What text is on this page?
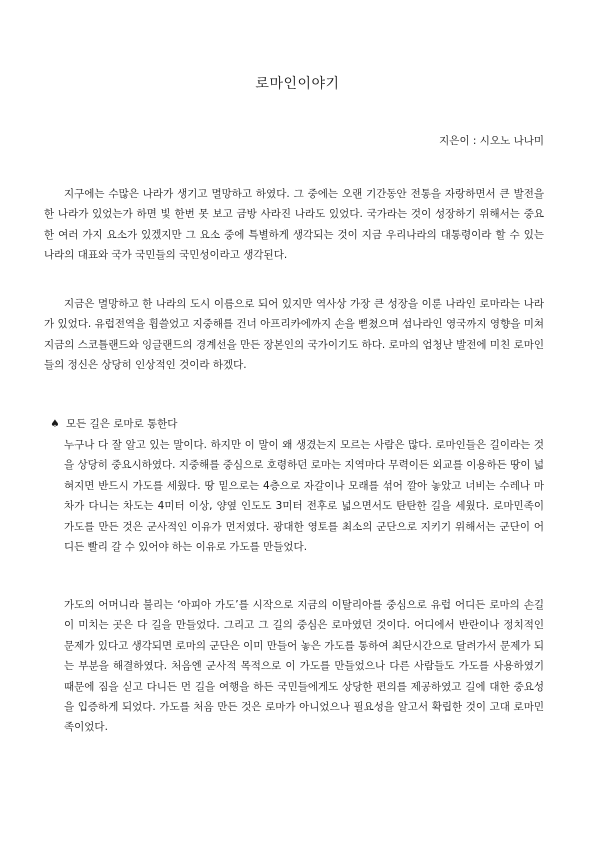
로마인이야기
지은이 : 시오노 나나미

지구에는 수많은 나라가 생기고 멸망하고 하였다. 그 중에는 오랜 기간동안 전통을 자랑하면서 큰 발전을 한 나라가 있었는가 하면 빛 한번 못 보고 금방 사라진 나라도 있었다. 국가라는 것이 성장하기 위해서는 중요한 여러 가지 요소가 있겠지만 그 요소 중에 특별하게 생각되는 것이 지금 우리나라의 대통령이라 할 수 있는 나라의 대표와 국가 국민들의 국민성이라고 생각된다.

지금은 멸망하고 한 나라의 도시 이름으로 되어 있지만 역사상 가장 큰 성장을 이룬 나라인 로마라는 나라가 있었다. 유럽전역을 휩쓸었고 지중해를 건너 아프리카에까지 손을 뻗쳤으며 섬나라인 영국까지 영향을 미쳐 지금의 스코틀랜드와 잉글랜드의 경계선을 만든 장본인의 국가이기도 하다. 로마의 엄청난 발전에 미친 로마인들의 정신은 상당히 인상적인 것이라 하겠다.

♠ 모든 길은 로마로 통한다

누구나 다 잘 알고 있는 말이다. 하지만 이 말이 왜 생겼는지 모르는 사람은 많다. 로마인들은 길이라는 것을 상당히 중요시하였다. 지중해를 중심으로 호령하던 로마는 지역마다 무력이든 외교를 이용하든 땅이 넓혀지면 반드시 가도를 세웠다. 땅 밑으로는 4층으로 자갈이나 모래를 섞어 깔아 놓았고 너비는 수레나 마차가 다니는 차도는 4미터 이상, 양옆 인도도 3미터 전후로 넓으면서도 탄탄한 길을 세웠다. 로마민족이 가도를 만든 것은 군사적인 이유가 먼저였다. 광대한 영토를 최소의 군단으로 지키기 위해서는 군단이 어디든 빨리 갈 수 있어야 하는 이유로 가도를 만들었다.

가도의 어머니라 불리는 ‘아피아 가도’를 시작으로 지금의 이탈리아를 중심으로 유럽 어디든 로마의 손길이 미치는 곳은 다 길을 만들었다. 그리고 그 길의 중심은 로마였던 것이다. 어디에서 반란이나 정치적인 문제가 있다고 생각되면 로마의 군단은 이미 만들어 놓은 가도를 통하여 최단시간으로 달려가서 문제가 되는 부분을 해결하였다. 처음엔 군사적 목적으로 이 가도를 만들었으나 다른 사람들도 가도를 사용하였기 때문에 짐을 싣고 다니든 먼 길을 여행을 하든 국민들에게도 상당한 편의를 제공하였고 길에 대한 중요성을 입증하게 되었다. 가도를 처음 만든 것은 로마가 아니었으나 필요성을 알고서 확립한 것이 고대 로마민족이었다.
